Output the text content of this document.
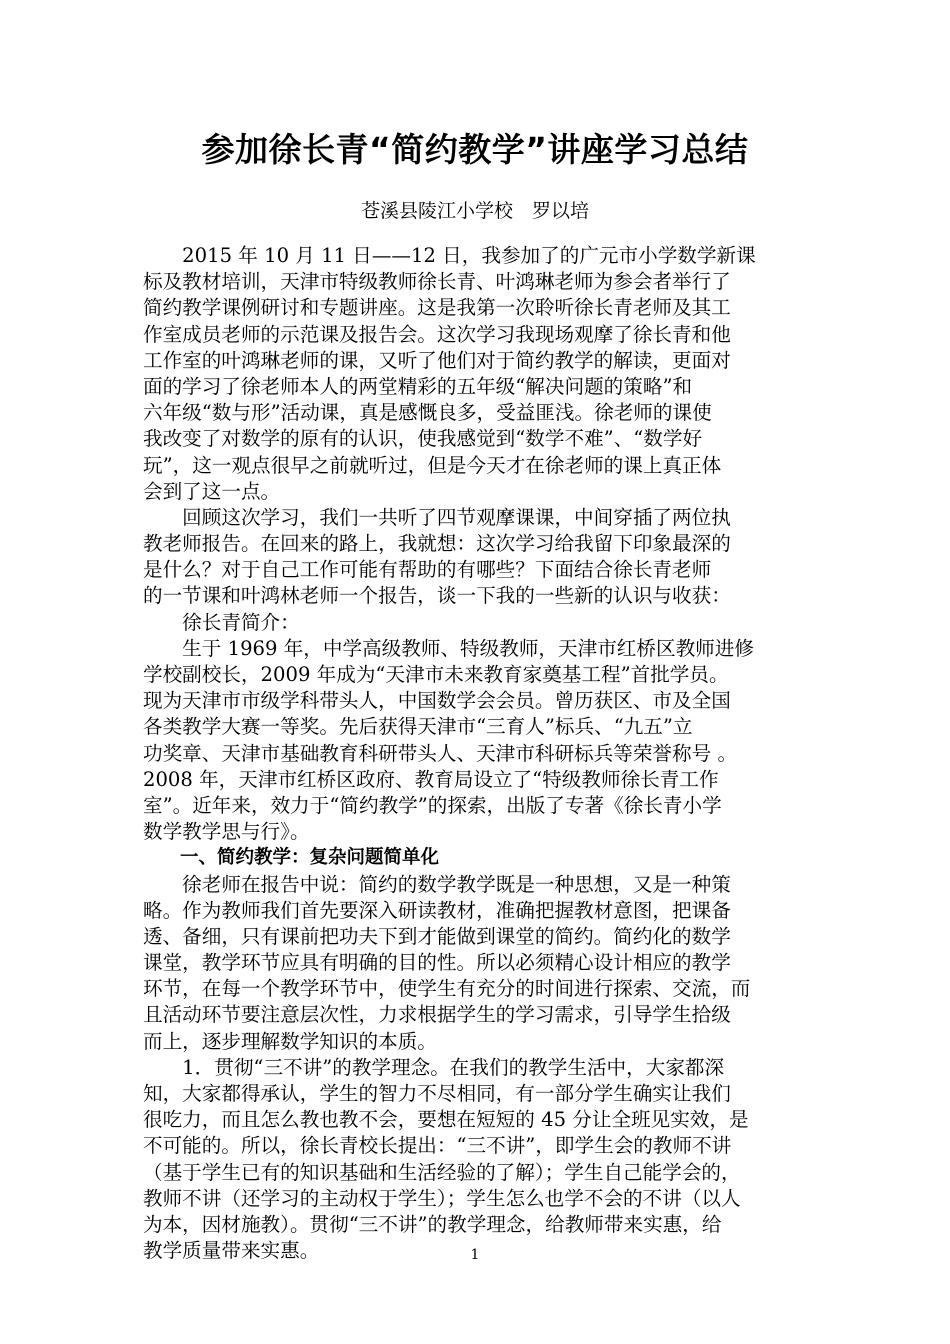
参加徐长青“简约教学”讲座学习总结
苍溪县陵江小学校　罗以培
　　2015 年 10 月 11 日——12 日，我参加了的广元市小学数学新课
标及教材培训，天津市特级教师徐长青、叶鸿琳老师为参会者举行了
简约教学课例研讨和专题讲座。这是我第一次聆听徐长青老师及其工
作室成员老师的示范课及报告会。这次学习我现场观摩了徐长青和他
工作室的叶鸿琳老师的课，又听了他们对于简约教学的解读，更面对
面的学习了徐老师本人的两堂精彩的五年级“解决问题的策略”和
六年级“数与形”活动课，真是感慨良多，受益匪浅。徐老师的课使
我改变了对数学的原有的认识，使我感觉到“数学不难”、“数学好
玩”，这一观点很早之前就听过，但是今天才在徐老师的课上真正体
会到了这一点。
　　回顾这次学习，我们一共听了四节观摩课课，中间穿插了两位执
教老师报告。在回来的路上，我就想：这次学习给我留下印象最深的
是什么？对于自己工作可能有帮助的有哪些？下面结合徐长青老师
的一节课和叶鸿林老师一个报告，谈一下我的一些新的认识与收获：
　　徐长青简介：
　　生于 1969 年，中学高级教师、特级教师，天津市红桥区教师进修
学校副校长，2009 年成为“天津市未来教育家奠基工程”首批学员。
现为天津市市级学科带头人，中国数学会会员。曾历获区、市及全国
各类教学大赛一等奖。先后获得天津市“三育人”标兵、“九五”立
功奖章、天津市基础教育科研带头人、天津市科研标兵等荣誉称号 。
2008 年，天津市红桥区政府、教育局设立了“特级教师徐长青工作
室”。近年来，效力于“简约教学”的探索，出版了专著《徐长青小学
数学教学思与行》。
　　一、简约教学：复杂问题简单化
　　徐老师在报告中说：简约的数学教学既是一种思想，又是一种策
略。作为教师我们首先要深入研读教材，准确把握教材意图，把课备
透、备细，只有课前把功夫下到才能做到课堂的简约。简约化的数学
课堂，教学环节应具有明确的目的性。所以必须精心设计相应的教学
环节，在每一个教学环节中，使学生有充分的时间进行探索、交流，而
且活动环节要注意层次性，力求根据学生的学习需求，引导学生拾级
而上，逐步理解数学知识的本质。
　　1．贯彻“三不讲”的教学理念。在我们的教学生活中，大家都深
知，大家都得承认，学生的智力不尽相同，有一部分学生确实让我们
很吃力，而且怎么教也教不会，要想在短短的 45 分让全班见实效，是
不可能的。所以，徐长青校长提出：“三不讲”，即学生会的教师不讲
（基于学生已有的知识基础和生活经验的了解）；学生自己能学会的，
教师不讲（还学习的主动权于学生）；学生怎么也学不会的不讲（以人
为本，因材施教）。贯彻“三不讲”的教学理念，给教师带来实惠，给
教学质量带来实惠。	1
